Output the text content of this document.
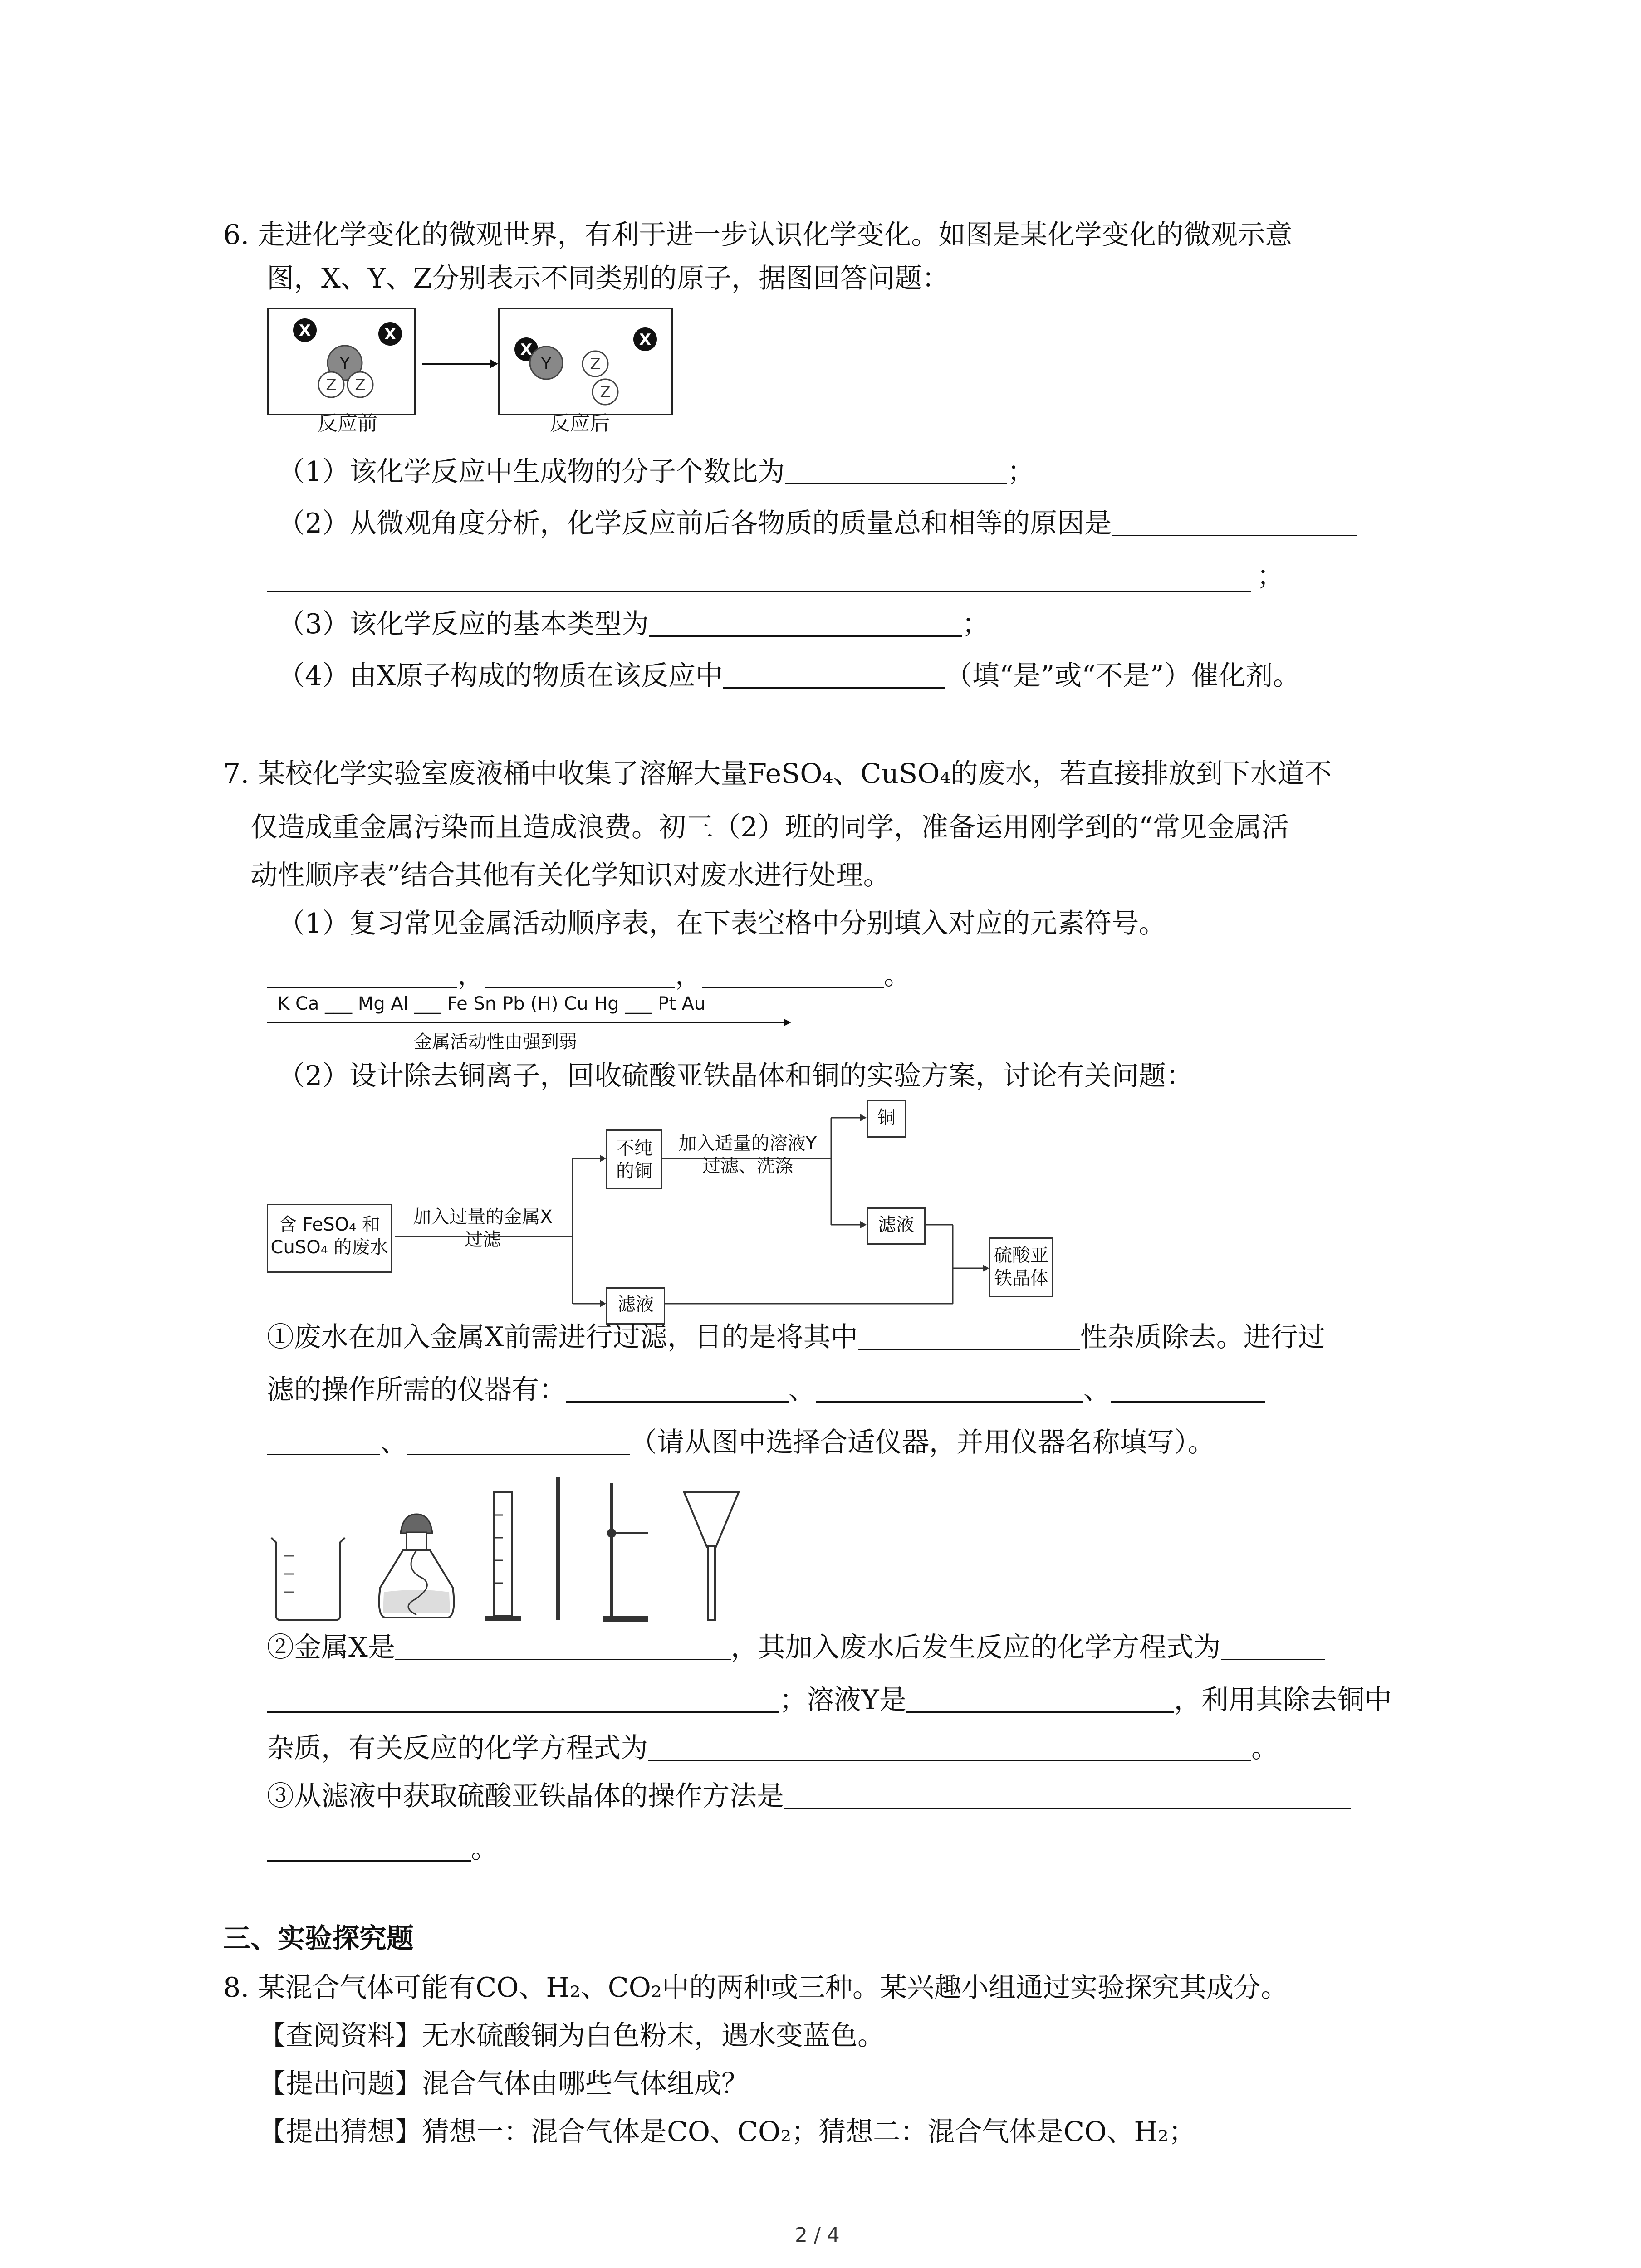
6. 走进化学变化的微观世界，有利于进一步认识化学变化。如图是某化学变化的微观示意
图，X、Y、Z分别表示不同类别的原子，据图回答问题：
X	X
Y
Z Z
反应前
X
Y	Z
Z
X
反应后
（1）该化学反应中生成物的分子个数比为	；
（2）从微观角度分析，化学反应前后各物质的质量总和相等的原因是
；
（3）该化学反应的基本类型为	；
（4）由X原子构成的物质在该反应中	（填“是”或“不是”）催化剂。
7. 某校化学实验室废液桶中收集了溶解大量FeSO₄、CuSO₄的废水，若直接排放到下水道不
仅造成重金属污染而且造成浪费。初三（2）班的同学，准备运用刚学到的“常见金属活
动性顺序表”结合其他有关化学知识对废水进行处理。
（1）复习常见金属活动顺序表，在下表空格中分别填入对应的元素符号。
，	，	。
K Ca ___ Mg Al ___ Fe Sn Pb (H) Cu Hg ___ Pt Au
金属活动性由强到弱
（2）设计除去铜离子，回收硫酸亚铁晶体和铜的实验方案，讨论有关问题：
含 FeSO₄ 和
CuSO₄ 的废水
加入过量的金属X
过滤
不纯
的铜
加入适量的溶液Y
过滤、洗涤
铜
滤液
滤液
硫酸亚
铁晶体
①废水在加入金属X前需进行过滤，目的是将其中	性杂质除去。进行过
滤的操作所需的仪器有：	、	、
、	（请从图中选择合适仪器，并用仪器名称填写）。
②金属X是	，其加入废水后发生反应的化学方程式为
；溶液Y是	，利用其除去铜中
杂质，有关反应的化学方程式为	。
③从滤液中获取硫酸亚铁晶体的操作方法是
。
三、实验探究题
8. 某混合气体可能有CO、H₂、CO₂中的两种或三种。某兴趣小组通过实验探究其成分。
【查阅资料】无水硫酸铜为白色粉末，遇水变蓝色。
【提出问题】混合气体由哪些气体组成？
【提出猜想】猜想一：混合气体是CO、CO₂；猜想二：混合气体是CO、H₂；
2 / 4
